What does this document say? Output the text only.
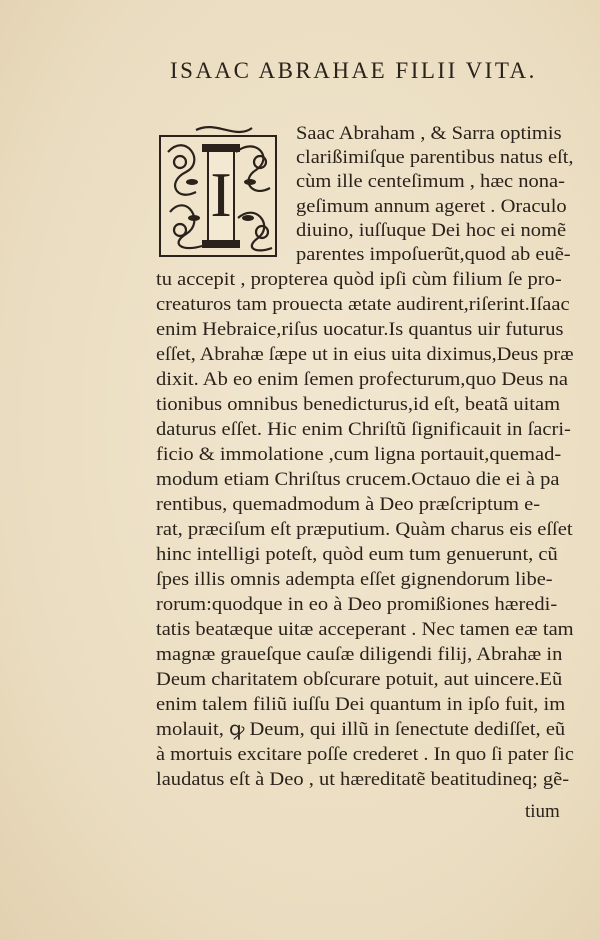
ISAAC ABRAHAE FILII VITA.
I
Saac Abraham , & Sarra optimis
clarißimiſque parentibus natus eſt,
cùm ille centeſimum , hæc nona-
geſimum annum ageret . Oraculo
diuino, iuſſuque Dei hoc ei nomẽ
parentes impoſuerũt,quod ab euẽ-
tu accepit , propterea quòd ipſi cùm filium ſe pro-
creaturos tam prouecta ætate audirent,riſerint.Iſaac
enim Hebraice,riſus uocatur.Is quantus uir futurus
eſſet, Abrahæ ſæpe ut in eius uita diximus,Deus præ
dixit. Ab eo enim ſemen profecturum,quo Deus na
tionibus omnibus benedicturus,id eſt, beatã uitam
daturus eſſet. Hic enim Chriſtũ ſignificauit in ſacri-
ficio & immolatione ,cum ligna portauit,quemad-
modum etiam Chriſtus crucem.Octauo die ei à pa
rentibus, quemadmodum à Deo præſcriptum e-
rat, præciſum eſt præputium. Quàm charus eis eſſet
hinc intelligi poteſt, quòd eum tum genuerunt, cũ
ſpes illis omnis adempta eſſet gignendorum libe-
rorum:quodque in eo à Deo promißiones hæredi-
tatis beatæque uitæ acceperant . Nec tamen eæ tam
magnæ graueſque cauſæ diligendi filij, Abrahæ in
Deum charitatem obſcurare potuit, aut uincere.Eũ
enim talem filiũ iuſſu Dei quantum in ipſo fuit, im
molauit, ꝙ Deum, qui illũ in ſenectute dediſſet, eũ
à mortuis excitare poſſe crederet . In quo ſi pater ſic
laudatus eſt à Deo , ut hæreditatẽ beatitudineq; gẽ-
tium
